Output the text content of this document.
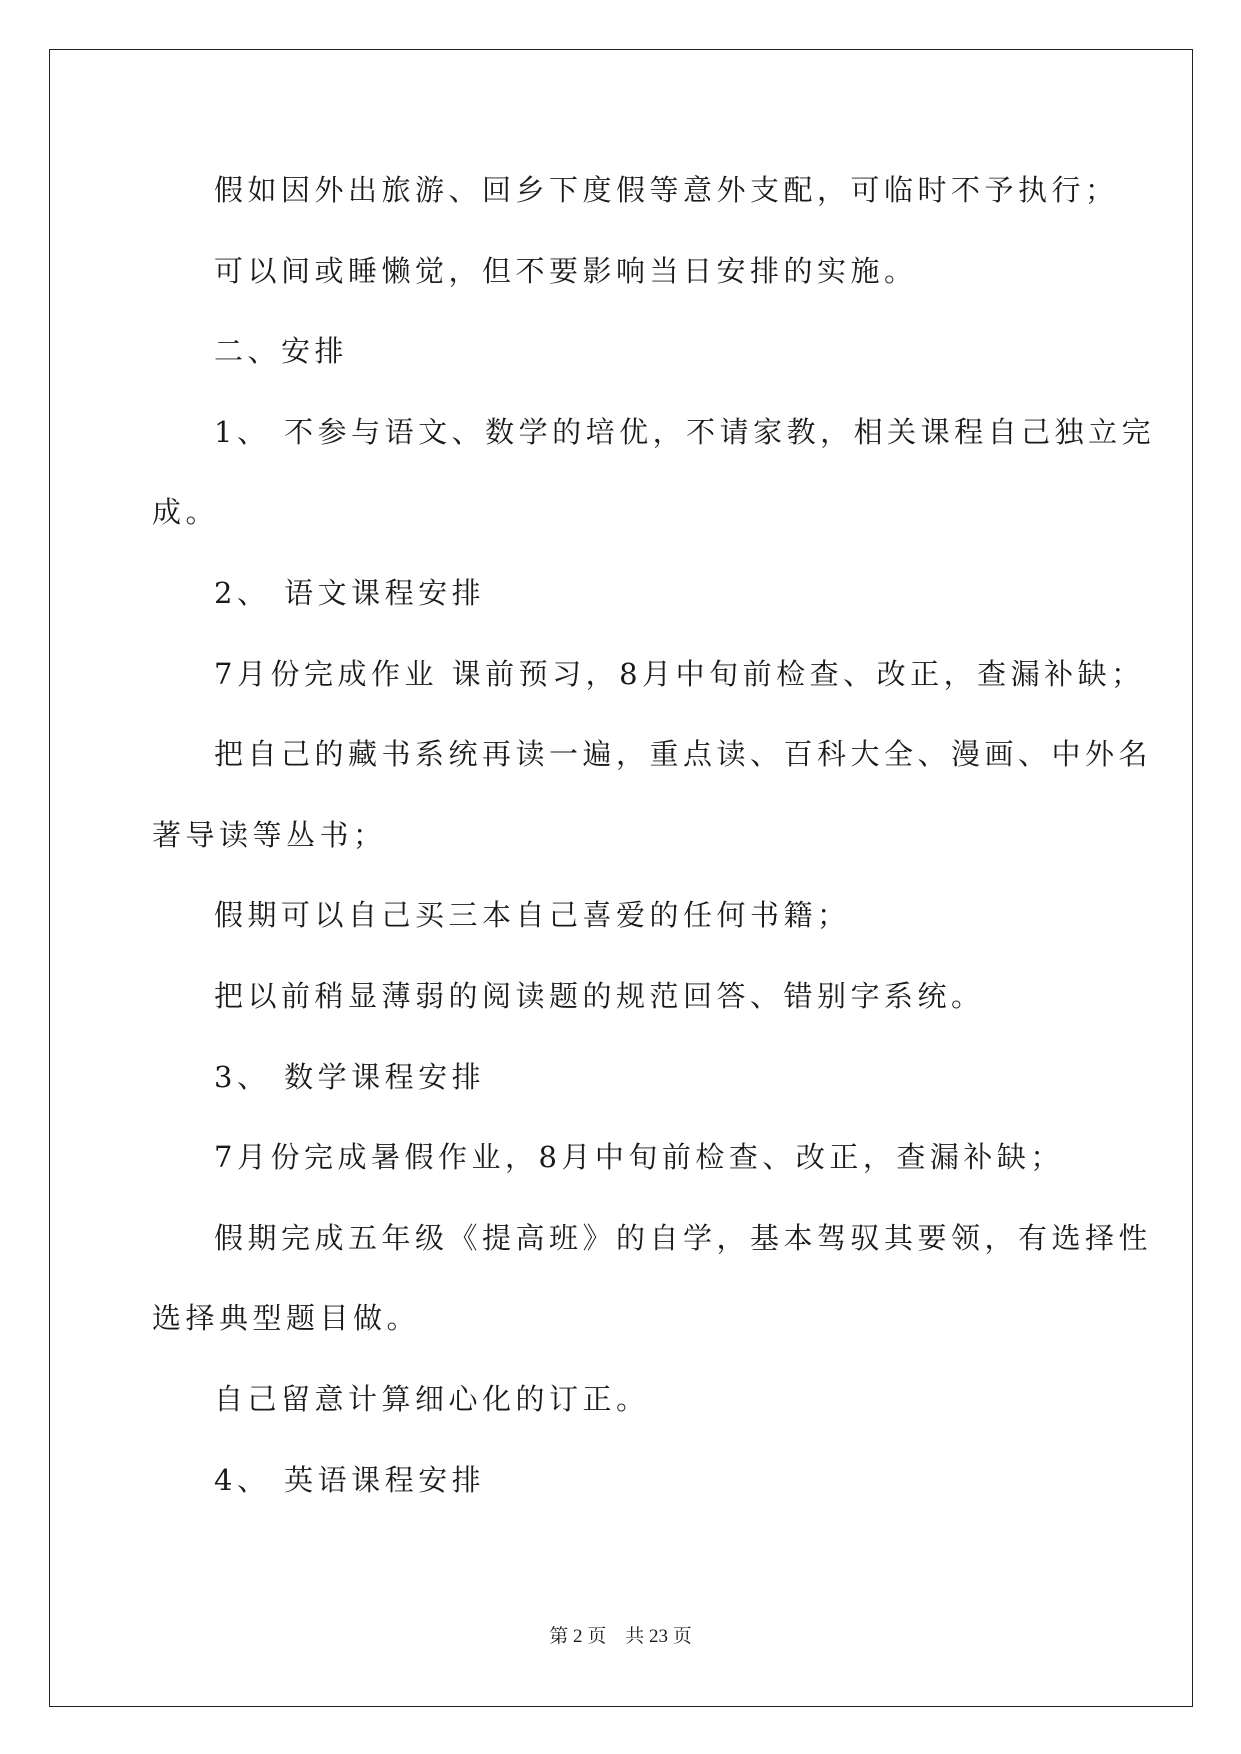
假如因外出旅游、回乡下度假等意外支配，可临时不予执行；
可以间或睡懒觉，但不要影响当日安排的实施。
二、安排
1、 不参与语文、数学的培优，不请家教，相关课程自己独立完
成。
2、 语文课程安排
7月份完成作业 课前预习，8月中旬前检查、改正，查漏补缺；
把自己的藏书系统再读一遍，重点读、百科大全、漫画、中外名
著导读等丛书；
假期可以自己买三本自己喜爱的任何书籍；
把以前稍显薄弱的阅读题的规范回答、错别字系统。
3、 数学课程安排
7月份完成暑假作业，8月中旬前检查、改正，查漏补缺；
假期完成五年级《提高班》的自学，基本驾驭其要领，有选择性
选择典型题目做。
自己留意计算细心化的订正。
4、 英语课程安排
第 2 页 共 23 页
